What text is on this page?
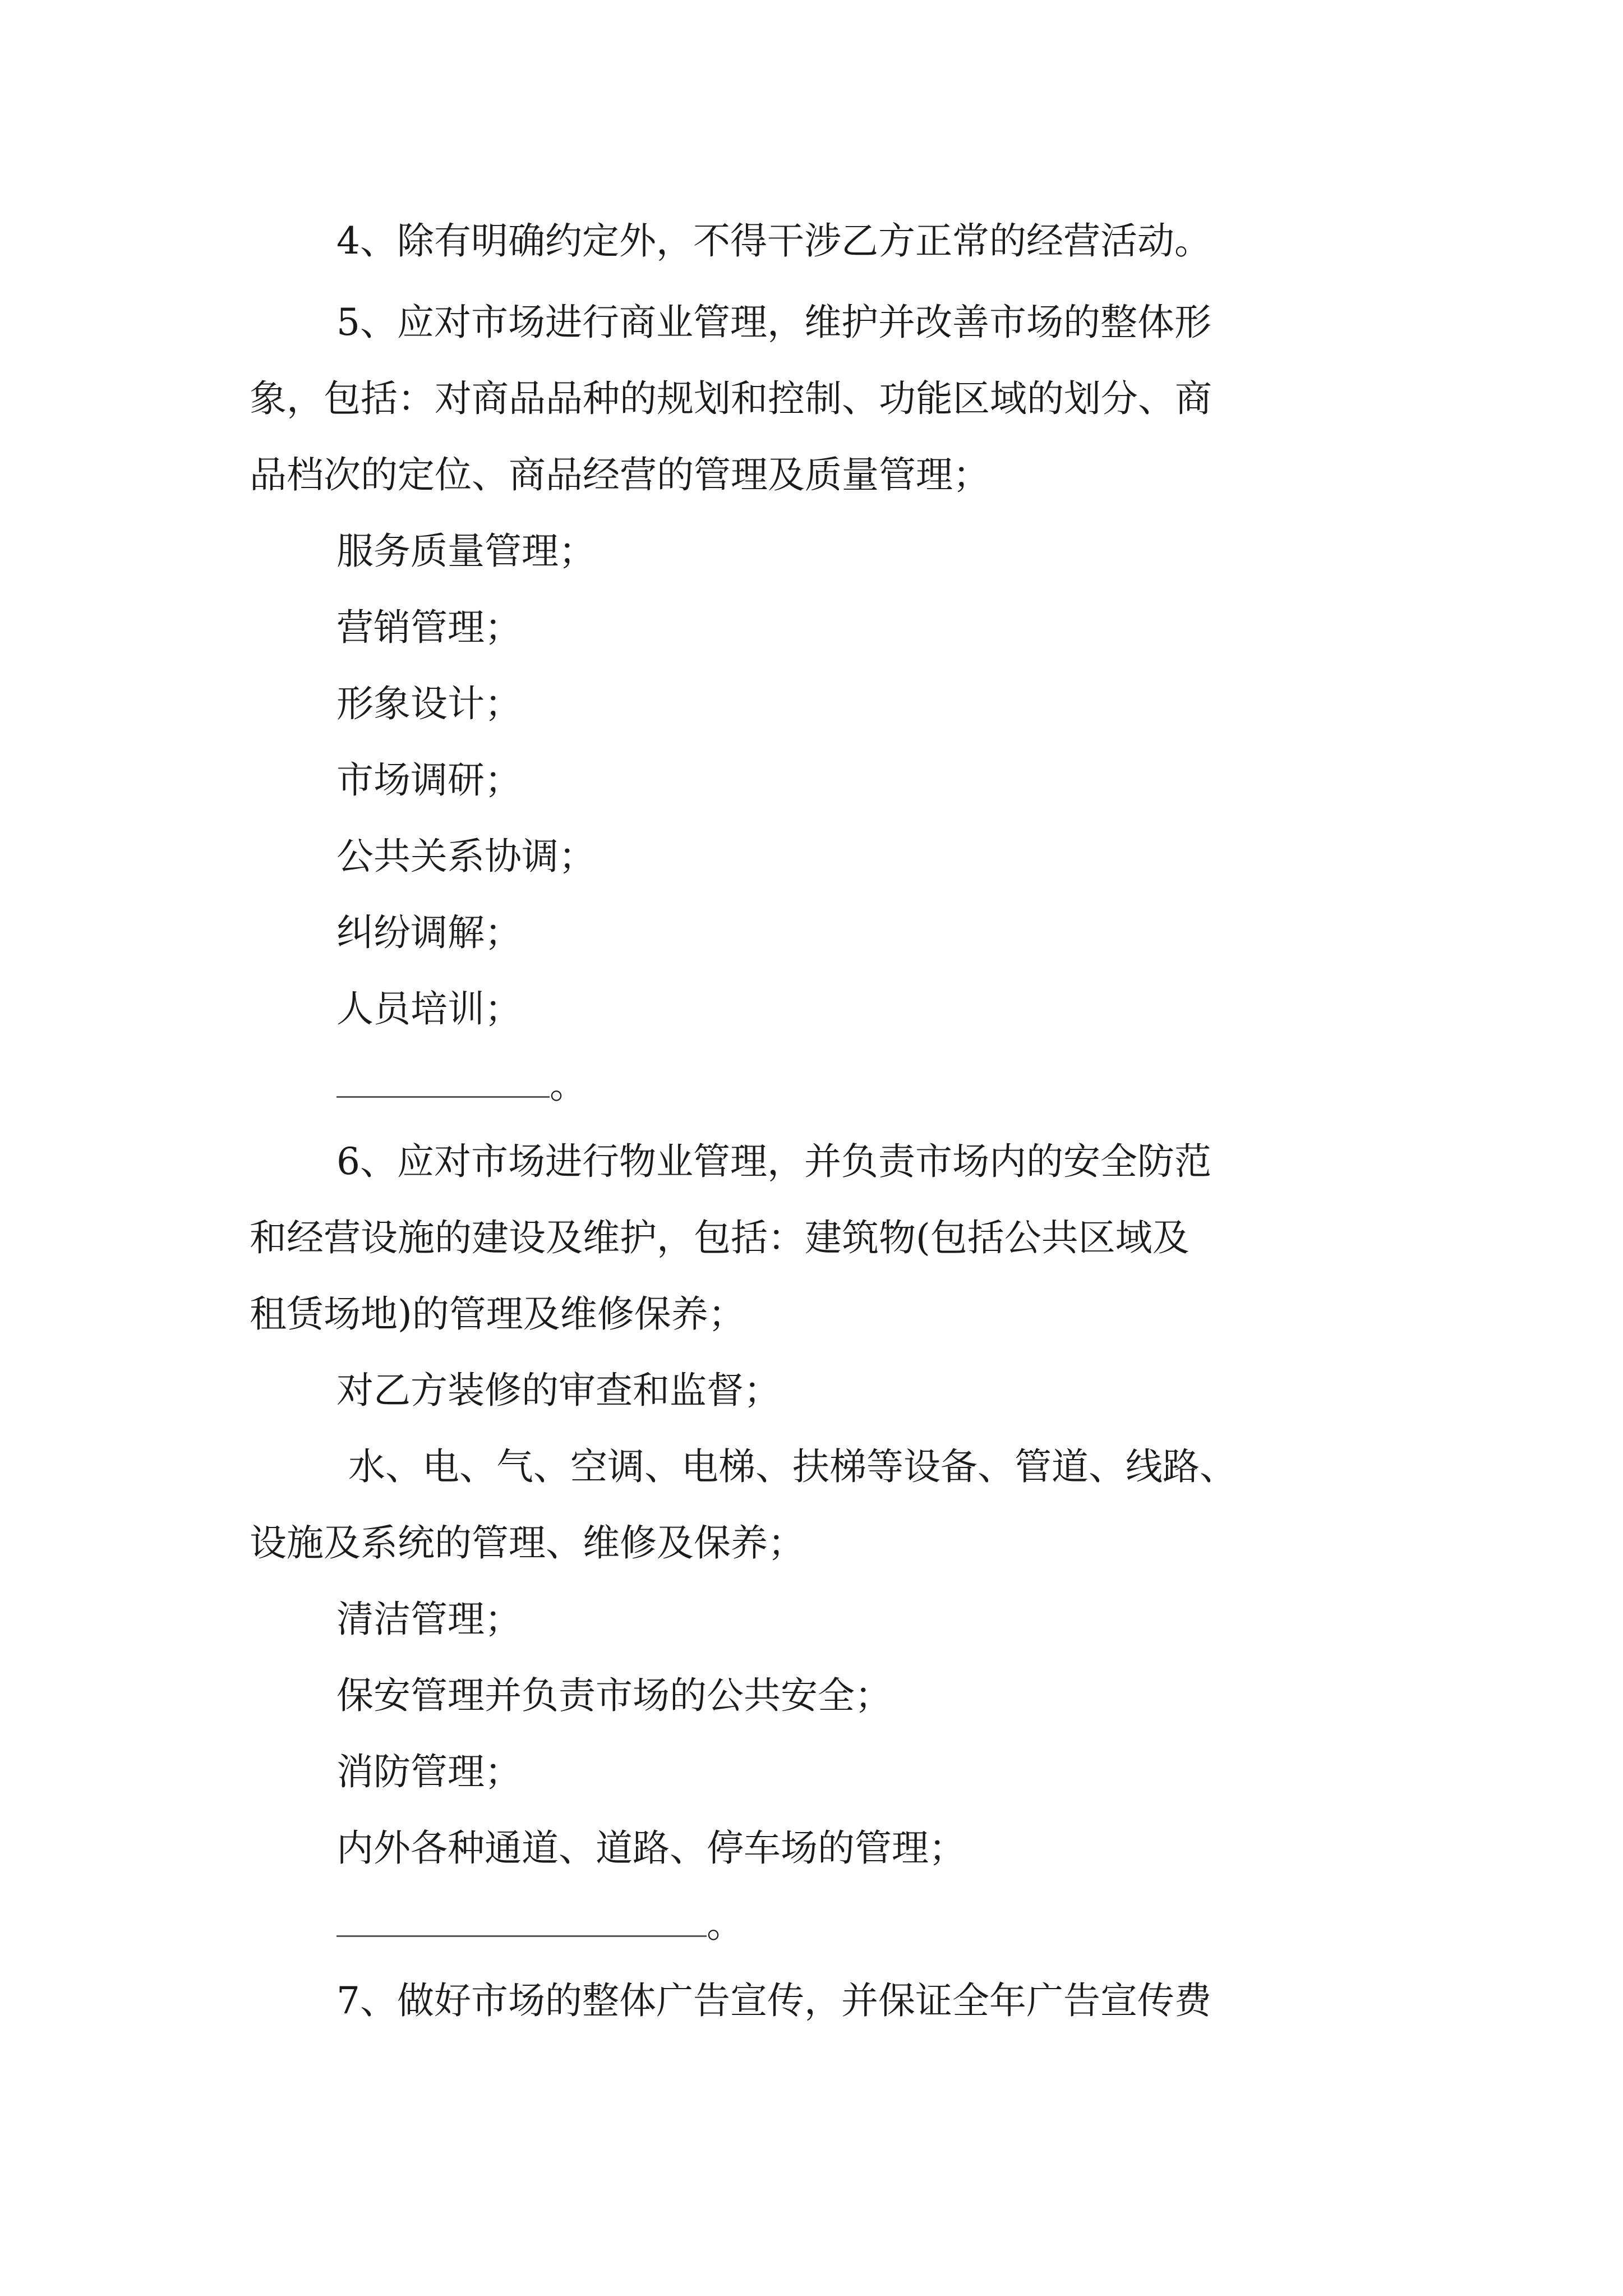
4、除有明确约定外，不得干涉乙方正常的经营活动。
5、应对市场进行商业管理，维护并改善市场的整体形
象，包括：对商品品种的规划和控制、功能区域的划分、商
品档次的定位、商品经营的管理及质量管理；
服务质量管理；
营销管理；
形象设计；
市场调研；
公共关系协调；
纠纷调解；
人员培训；
。
6、应对市场进行物业管理，并负责市场内的安全防范
和经营设施的建设及维护，包括：建筑物(包括公共区域及
租赁场地)的管理及维修保养；
对乙方装修的审查和监督；
水、电、气、空调、电梯、扶梯等设备、管道、线路、
设施及系统的管理、维修及保养；
清洁管理；
保安管理并负责市场的公共安全；
消防管理；
内外各种通道、道路、停车场的管理；
。
7、做好市场的整体广告宣传，并保证全年广告宣传费
